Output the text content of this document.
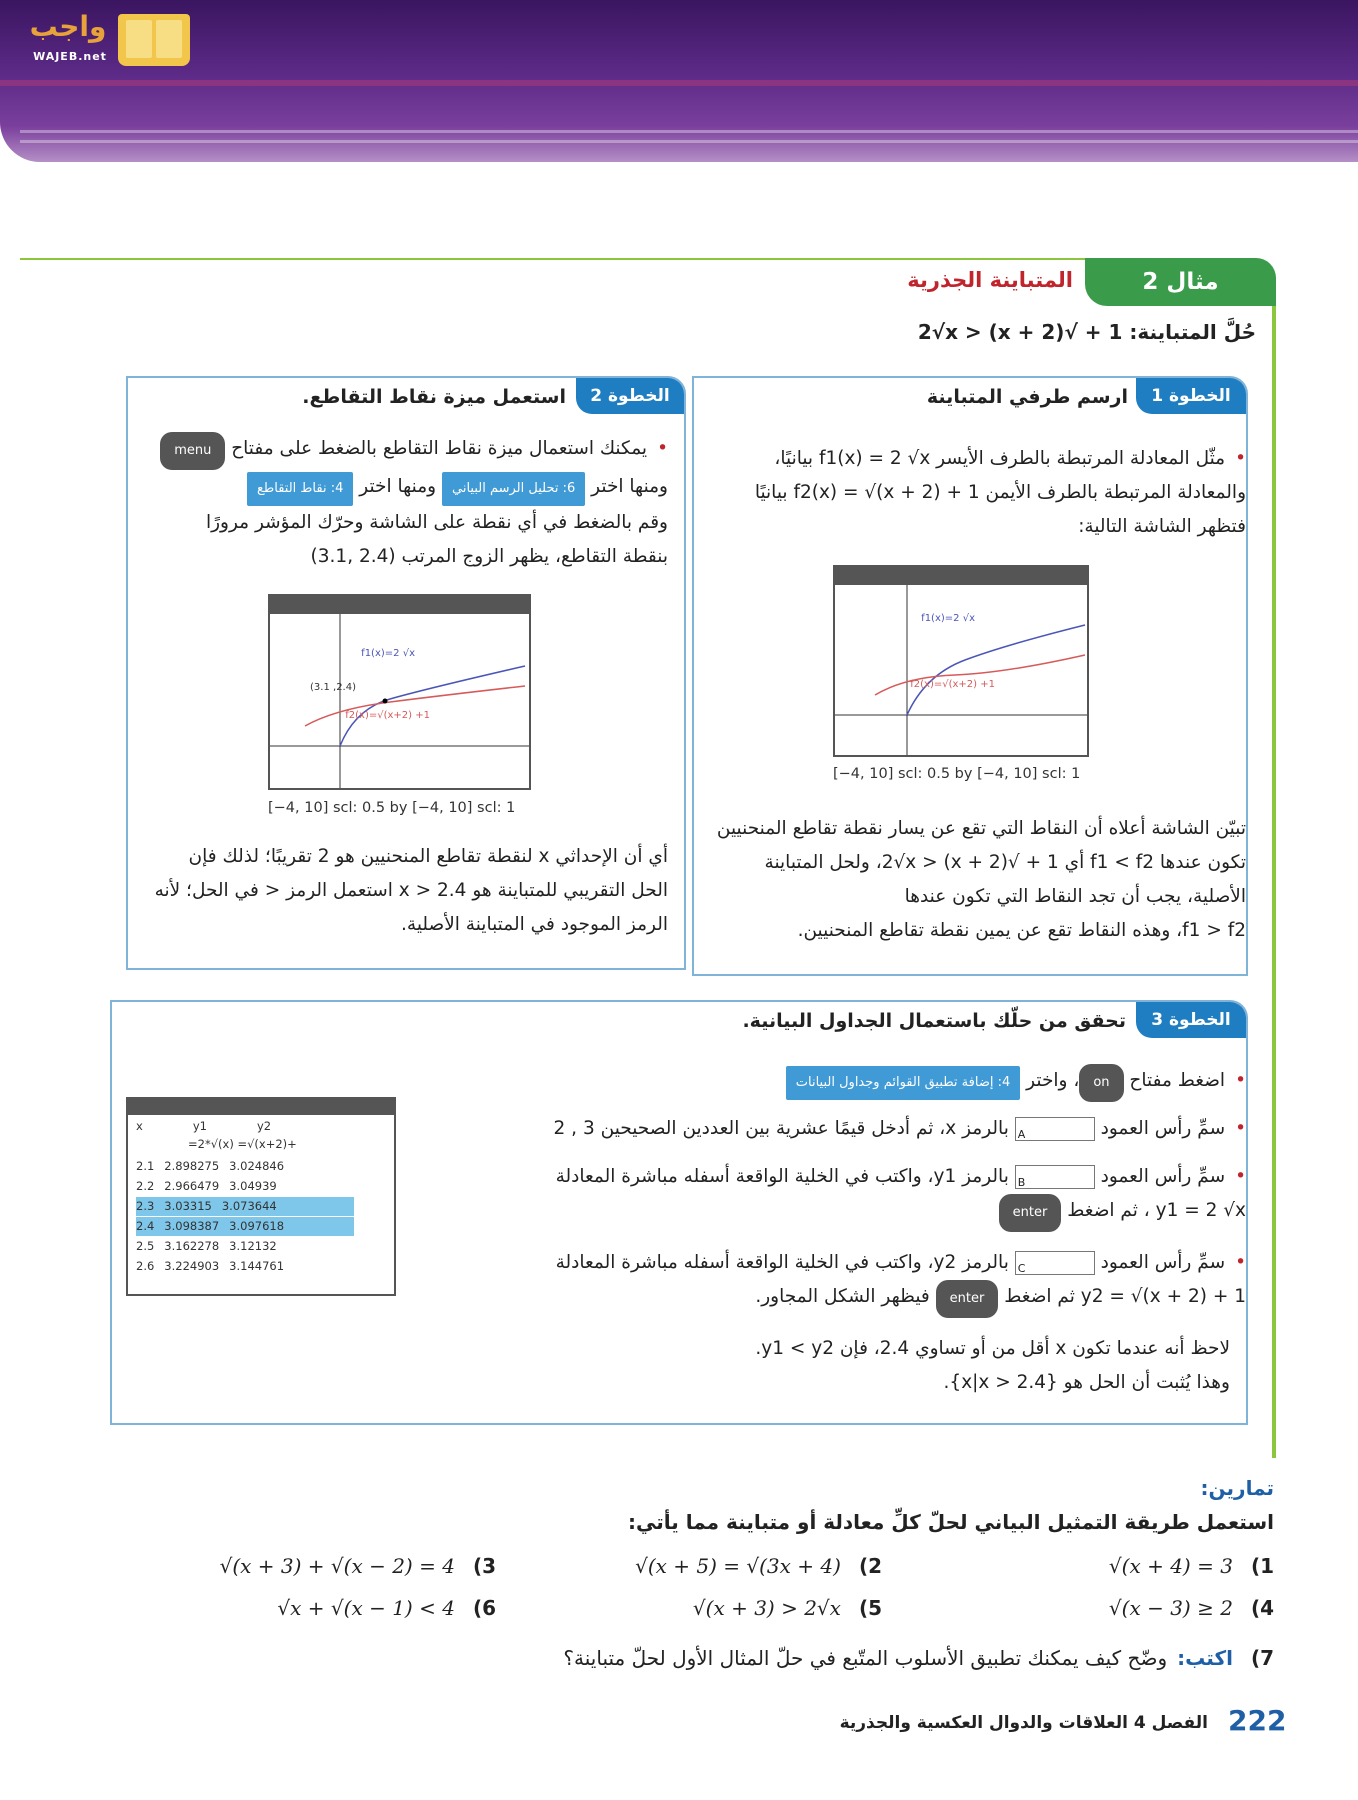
واجب
WAJEB.net
مثال 2
المتباينة الجذرية
حُلَّ المتباينة: 1 + √(x + 2) < 2√x
الخطوة 1
ارسم طرفي المتباينة
• مثّل المعادلة المرتبطة بالطرف الأيسر f1(x) = 2 √x بيانيًا،
والمعادلة المرتبطة بالطرف الأيمن f2(x) = √(x + 2) + 1 بيانيًا
فتظهر الشاشة التالية:
f1(x)=2 √x
f2(x)=√(x+2) +1
[−4, 10] scl: 0.5 by [−4, 10] scl: 1
تبيّن الشاشة أعلاه أن النقاط التي تقع عن يسار نقطة تقاطع المنحنيين
تكون عندها f1 < f2 أي 1 + √(x + 2) < 2√x، ولحل المتباينة
الأصلية، يجب أن تجد النقاط التي تكون عندها
f1 > f2، وهذه النقاط تقع عن يمين نقطة تقاطع المنحنيين.
الخطوة 2
استعمل ميزة نقاط التقاطع.
• يمكنك استعمال ميزة نقاط التقاطع بالضغط على مفتاح menu
ومنها اختر 6: تحليل الرسم البياني ومنها اختر 4: نقاط التقاطع
وقم بالضغط في أي نقطة على الشاشة وحرّك المؤشر مرورًا
بنقطة التقاطع، يظهر الزوج المرتب (2.4 ,3.1)
(2.4, 3.1)
f1(x)=2 √x
f2(x)=√(x+2) +1
[−4, 10] scl: 0.5 by [−4, 10] scl: 1
أي أن الإحداثي x لنقطة تقاطع المنحنيين هو 2 تقريبًا؛ لذلك فإن
الحل التقريبي للمتباينة هو x > 2.4 استعمل الرمز < في الحل؛ لأنه
الرمز الموجود في المتباينة الأصلية.
الخطوة 3
تحقق من حلّك باستعمال الجداول البيانية.
• اضغط مفتاح on، واختر 4: إضافة تطبيق القوائم وجداول البيانات
• سمِّ رأس العمود
A
بالرمز x، ثم أدخل قيمًا عشرية بين العددين الصحيحين 3 , 2
• سمِّ رأس العمود
B
بالرمز y1، واكتب في الخلية الواقعة أسفله مباشرة المعادلة
y1 = 2 √x ، ثم اضغط enter
• سمِّ رأس العمود
C
بالرمز y2، واكتب في الخلية الواقعة أسفله مباشرة المعادلة
y2 = √(x + 2) + 1 ثم اضغط enter فيظهر الشكل المجاور.
لاحظ أنه عندما تكون x أقل من أو تساوي 2.4، فإن y1 < y2.
وهذا يُثبت أن الحل هو {x|x > 2.4}.
x	y1	y2
=2*√(x) =√(x+2)+
2.1 2.898275 3.024846
2.2 2.966479 3.04939
2.3 3.03315 3.073644
2.4 3.098387 3.097618
2.5 3.162278 3.12132
2.6 3.224903 3.144761
تمارين:
استعمل طريقة التمثيل البياني لحلّ كلِّ معادلة أو متباينة مما يأتي:
1)√(x + 4) = 3
2)√(x + 5) = √(3x + 4)
3)√(x + 3) + √(x − 2) = 4
4)√(x − 3) ≥ 2
5)√(x + 3) > 2√x
6)√x + √(x − 1) < 4
7)اكتب:وضّح كيف يمكنك تطبيق الأسلوب المتّبع في حلّ المثال الأول لحلّ متباينة؟
222
الفصل 4 العلاقات والدوال العكسية والجذرية
